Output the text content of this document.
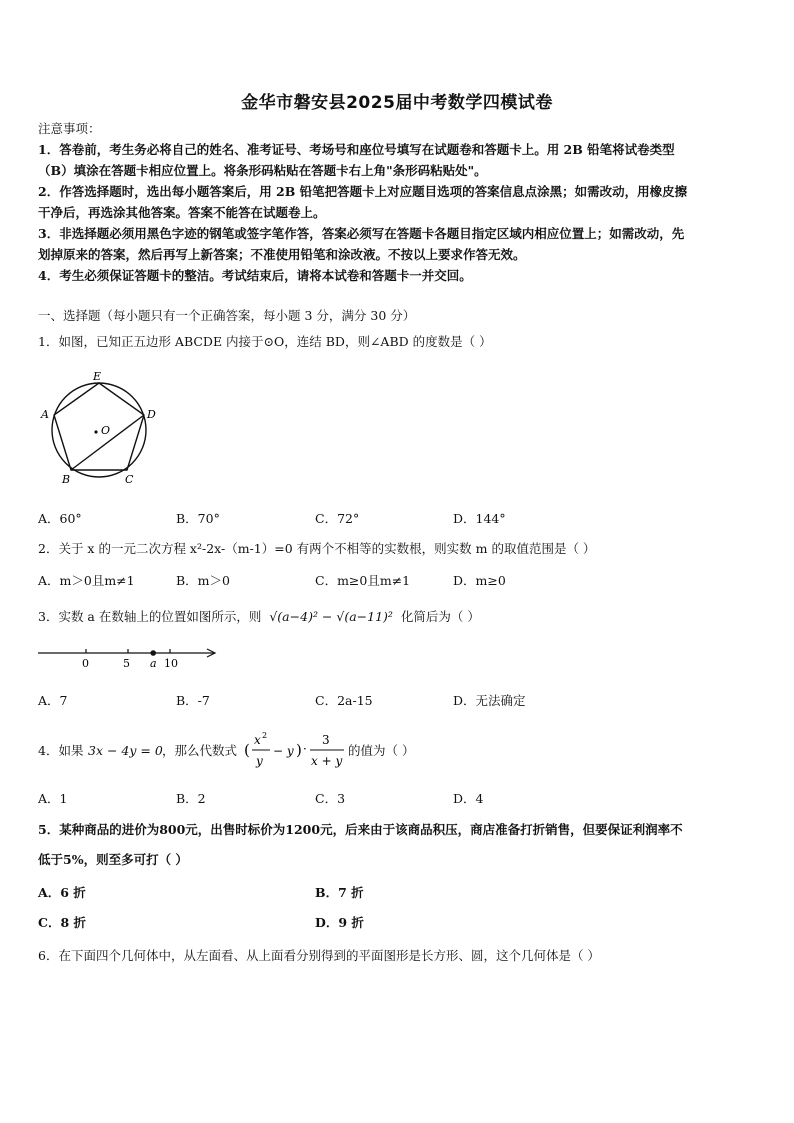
金华市磐安县2025届中考数学四模试卷
注意事项：
1．答卷前，考生务必将自己的姓名、准考证号、考场号和座位号填写在试题卷和答题卡上。用 2B 铅笔将试卷类型
（B）填涂在答题卡相应位置上。将条形码粘贴在答题卡右上角"条形码粘贴处"。
2．作答选择题时，选出每小题答案后，用 2B 铅笔把答题卡上对应题目选项的答案信息点涂黑；如需改动，用橡皮擦
干净后，再选涂其他答案。答案不能答在试题卷上。
3．非选择题必须用黑色字迹的钢笔或签字笔作答，答案必须写在答题卡各题目指定区域内相应位置上；如需改动，先
划掉原来的答案，然后再写上新答案；不准使用铅笔和涂改液。不按以上要求作答无效。
4．考生必须保证答题卡的整洁。考试结束后，请将本试卷和答题卡一并交回。
一、选择题（每小题只有一个正确答案，每小题 3 分，满分 30 分）
1．如图，已知正五边形 ABCDE 内接于⊙O，连结 BD，则∠ABD 的度数是（ ）
E
A	D
O
B	C
A．60°	B．70°	C．72°	D．144°
2．关于 x 的一元二次方程 x²-2x-（m-1）=0 有两个不相等的实数根，则实数 m 的取值范围是（ ）
A．m＞0且m≠1	B．m＞0	C．m≥0且m≠1	D．m≥0
3．实数 a 在数轴上的位置如图所示，则 √(a−4)² − √(a−11)² 化简后为（ ）
0	5 a 10
A．7	B．-7	C．2a-15	D．无法确定
4．如果 3x − 4y = 0 ，那么代数式 (
x 2
y
− y ) ·
3
x + y
的值为（ ）
A．1	B．2	C．3	D．4
5．某种商品的进价为800元，出售时标价为1200元，后来由于该商品积压，商店准备打折销售，但要保证利润率不
低于5%，则至多可打（ ）
A．6 折	B．7 折
C．8 折	D．9 折
6．在下面四个几何体中，从左面看、从上面看分别得到的平面图形是长方形、圆，这个几何体是（ ）
